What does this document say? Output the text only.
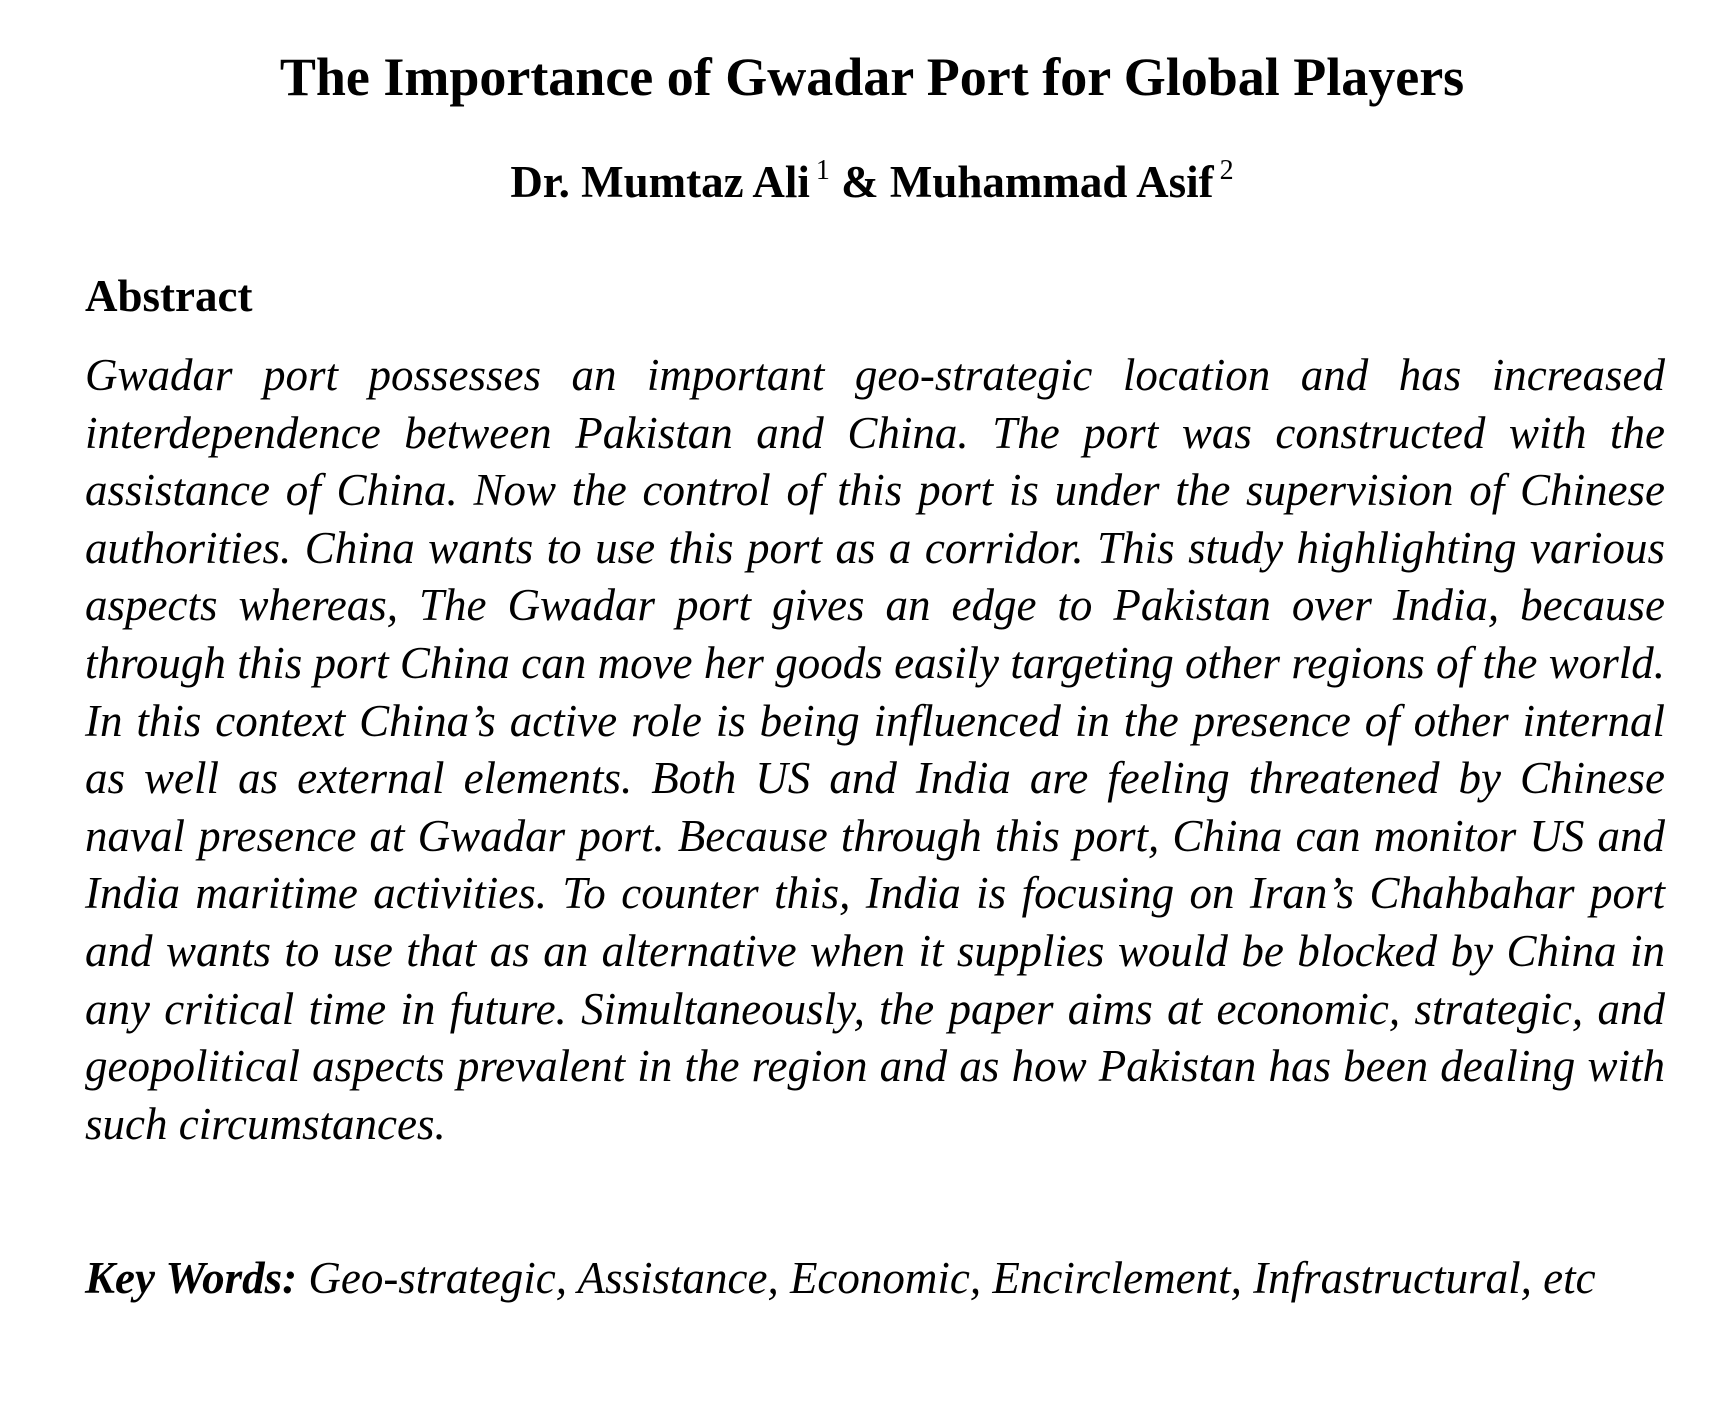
The Importance of Gwadar Port for Global Players

Dr. Mumtaz Ali $^1$ & Muhammad Asif $^2$

Abstract

Gwadar port possesses an important geo-strategic location and has increased interdependence between Pakistan and China. The port was constructed with the assistance of China. Now the control of this port is under the supervision of Chinese authorities. China wants to use this port as a corridor. This study highlighting various aspects whereas, The Gwadar port gives an edge to Pakistan over India, because through this port China can move her goods easily targeting other regions of the world. In this context China’s active role is being influenced in the presence of other internal as well as external elements. Both US and India are feeling threatened by Chinese naval presence at Gwadar port. Because through this port, China can monitor US and India maritime activities. To counter this, India is focusing on Iran’s Chahbahar port and wants to use that as an alternative when it supplies would be blocked by China in any critical time in future. Simultaneously, the paper aims at economic, strategic, and geopolitical aspects prevalent in the region and as how Pakistan has been dealing with such circumstances.

Key Words: Geo-strategic, Assistance, Economic, Encirclement, Infrastructural, etc
